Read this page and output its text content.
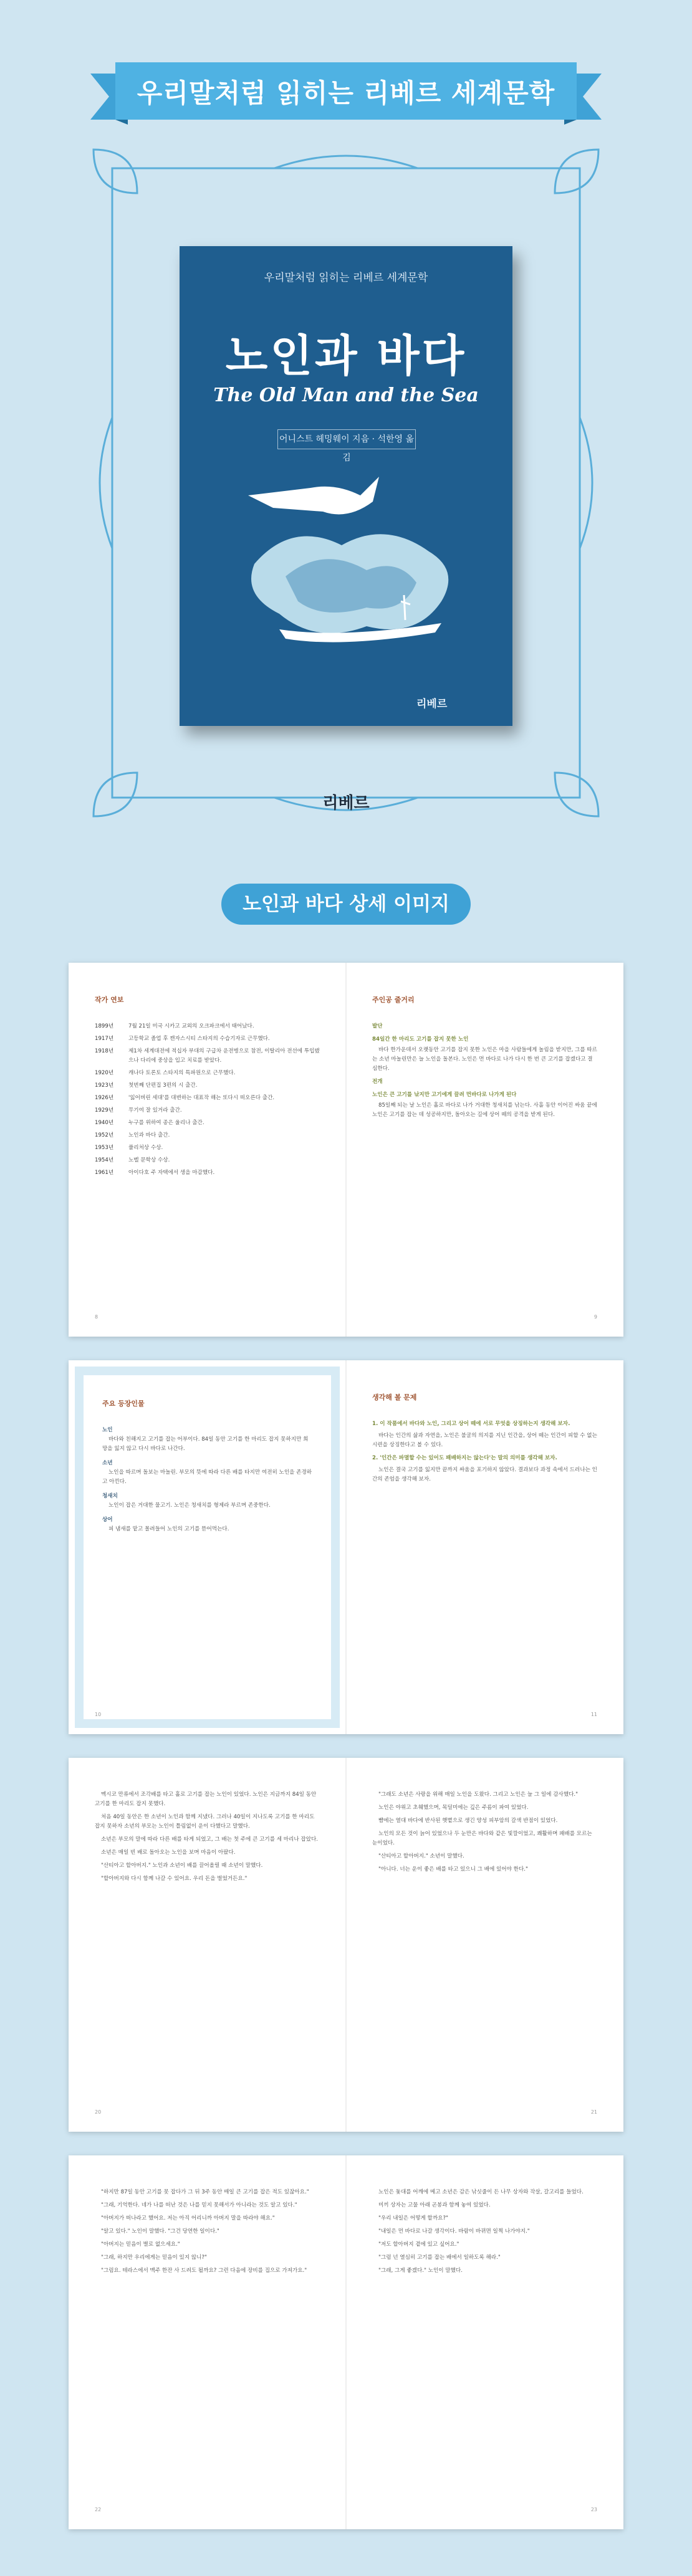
우리말처럼 읽히는 리베르 세계문학
우리말처럼 읽히는 리베르 세계문학
노인과 바다
The Old Man and the Sea
어니스트 헤밍웨이 지음 · 석한영 옮김
리베르
리베르
노인과 바다 상세 이미지
작가 연보
1899년	7월 21일 미국 시카고 교외의 오크파크에서 태어났다.
1917년	고등학교 졸업 후 캔자스시티 스타지의 수습기자로 근무했다.
1918년	제1차 세계대전에 적십자 부대의 구급차 운전병으로 참전, 이탈리아 전선에 투입됐으나 다리에 중상을 입고 치료를 받았다.
1920년	캐나다 토론토 스타지의 특파원으로 근무했다.
1923년	첫번째 단편집 3편의 시 출간.
1926년	'잃어버린 세대'를 대변하는 대표작 해는 또다시 떠오른다 출간.
1929년	무기여 잘 있거라 출간.
1940년	누구를 위하여 종은 울리나 출간.
1952년	노인과 바다 출간.
1953년	퓰리처상 수상.
1954년	노벨 문학상 수상.
1961년	아이다호 주 자택에서 생을 마감했다.
8
주인공 줄거리
발단
84일간 한 마리도 고기를 잡지 못한 노인

바다 한가운데서 오랫동안 고기를 잡지 못한 노인은 마을 사람들에게 놀림을 받지만, 그를 따르는 소년 마놀린만은 늘 노인을 돌본다. 노인은 먼 바다로 나가 다시 한 번 큰 고기를 잡겠다고 결심한다.

전개
노인은 큰 고기를 낚지만 고기에게 끌려 먼바다로 나가게 된다

85일째 되는 날 노인은 홀로 바다로 나가 거대한 청새치를 낚는다. 사흘 동안 이어진 싸움 끝에 노인은 고기를 잡는 데 성공하지만, 돌아오는 길에 상어 떼의 공격을 받게 된다.

9
주요 등장인물
노인

바다와 친해지고 고기를 잡는 어부이다. 84일 동안 고기를 한 마리도 잡지 못하지만 희망을 잃지 않고 다시 바다로 나간다.

소년

노인을 따르며 돌보는 마놀린. 부모의 뜻에 따라 다른 배를 타지만 여전히 노인을 존경하고 아낀다.

청새치

노인이 잡은 거대한 물고기. 노인은 청새치를 형제라 부르며 존중한다.

상어

피 냄새를 맡고 몰려들어 노인의 고기를 뜯어먹는다.

10
생각해 볼 문제
1. 이 작품에서 바다와 노인, 그리고 상어 떼에 서로 무엇을 상징하는지 생각해 보자.

바다는 인간의 삶과 자연을, 노인은 불굴의 의지를 지닌 인간을, 상어 떼는 인간이 피할 수 없는 시련을 상징한다고 볼 수 있다.

2. '인간은 파멸할 수는 있어도 패배하지는 않는다'는 말의 의미를 생각해 보자.

노인은 결국 고기를 잃지만 끝까지 싸움을 포기하지 않았다. 결과보다 과정 속에서 드러나는 인간의 존엄을 생각해 보자.

11

멕시코 만류에서 조각배를 타고 홀로 고기를 잡는 노인이 있었다. 노인은 지금까지 84일 동안 고기를 한 마리도 잡지 못했다.

처음 40일 동안은 한 소년이 노인과 함께 지냈다. 그러나 40일이 지나도록 고기를 한 마리도 잡지 못하자 소년의 부모는 노인이 틀림없이 운이 다했다고 말했다.

소년은 부모의 말에 따라 다른 배를 타게 되었고, 그 배는 첫 주에 큰 고기를 세 마리나 잡았다.

소년은 매일 빈 배로 돌아오는 노인을 보며 마음이 아팠다.

"산티아고 할아버지." 노인과 소년이 배를 끌어올릴 때 소년이 말했다.

"할아버지와 다시 함께 나갈 수 있어요. 우리 돈을 벌었거든요."

20

"그래도 소년은 사랑을 위해 매일 노인을 도왔다. 그리고 노인은 늘 그 일에 감사했다."

노인은 야위고 초췌했으며, 목덜미에는 깊은 주름이 파여 있었다.

뺨에는 열대 바다에 반사된 햇볕으로 생긴 양성 피부암의 갈색 반점이 있었다.

노인의 모든 것이 늙어 있었으나 두 눈만은 바다와 같은 빛깔이었고, 쾌활하며 패배를 모르는 눈이었다.

"산티아고 할아버지." 소년이 말했다.

"아니다. 너는 운이 좋은 배를 타고 있으니 그 배에 있어야 한다."

21

"하지만 87일 동안 고기를 못 잡다가 그 뒤 3주 동안 매일 큰 고기를 잡은 적도 있잖아요."

"그래, 기억한다. 네가 나를 떠난 것은 나를 믿지 못해서가 아니라는 것도 알고 있다."

"아버지가 떠나라고 했어요. 저는 아직 어리니까 아버지 말을 따라야 해요."

"알고 있다." 노인이 말했다. "그건 당연한 일이다."

"아버지는 믿음이 별로 없으세요."

"그래, 하지만 우리에게는 믿음이 있지 않니?"

"그럼요. 테라스에서 맥주 한잔 사 드려도 될까요? 그런 다음에 장비를 집으로 가져가요."

22

노인은 돛대를 어깨에 메고 소년은 감은 낚싯줄이 든 나무 상자와 작살, 갈고리를 들었다.

미끼 상자는 고물 아래 곤봉과 함께 놓여 있었다.

"우리 내일은 어떻게 할까요?"

"내일은 먼 바다로 나갈 생각이다. 바람이 바뀌면 일찍 나가야지."

"저도 할아버지 곁에 있고 싶어요."

"그럼 넌 열심히 고기를 잡는 배에서 일하도록 해라."

"그래, 그게 좋겠다." 노인이 말했다.

23
